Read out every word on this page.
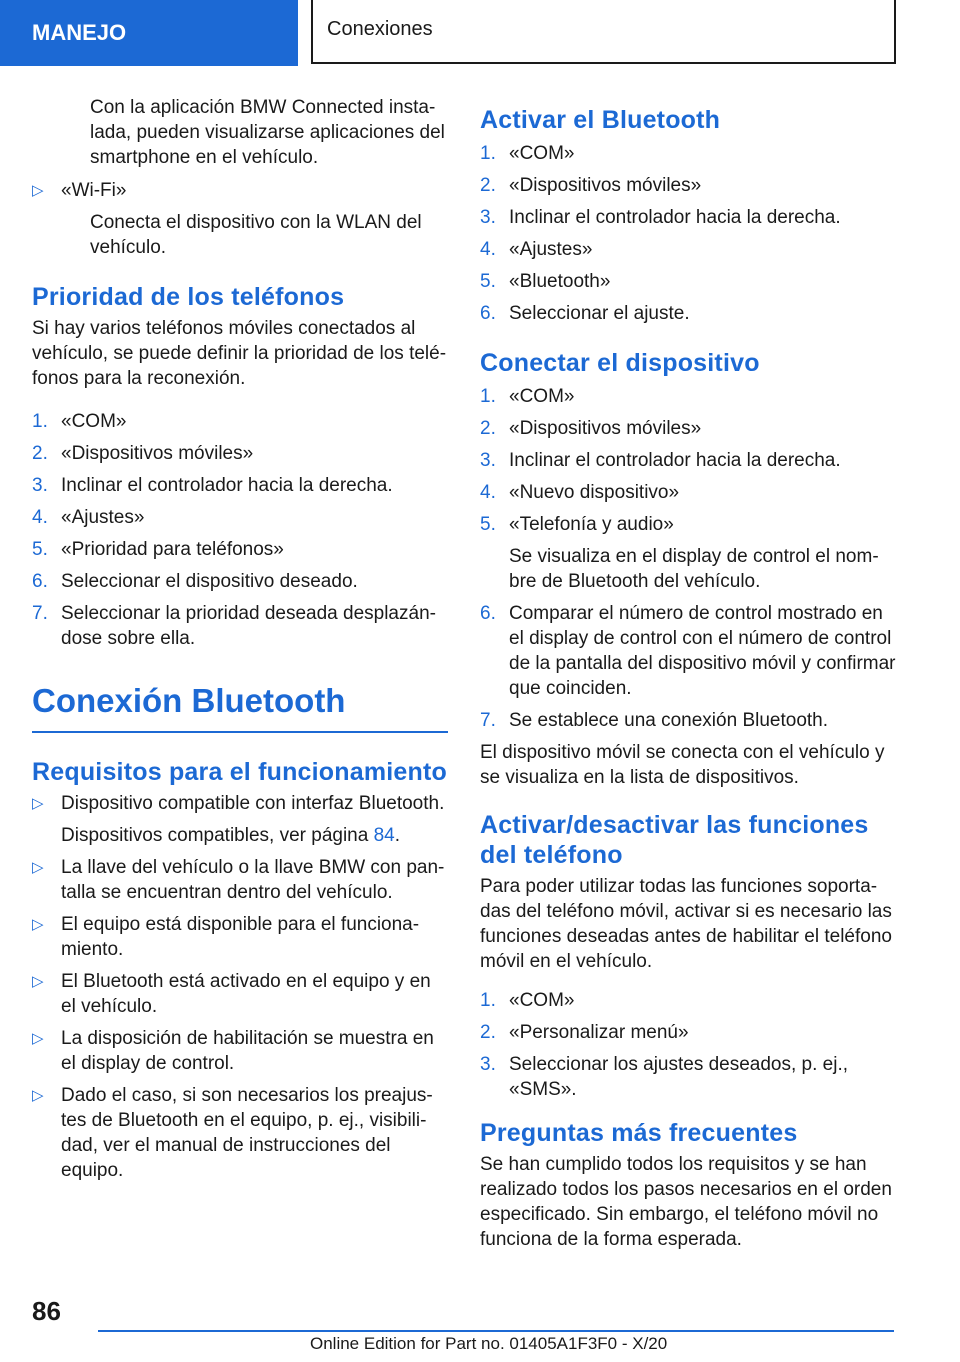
MANEJO	Conexiones

Con la aplicación BMW Connected instalada, pueden visualizarse aplicaciones del smartphone en el vehículo.

▷ «Wi-Fi»
Conecta el dispositivo con la WLAN del vehículo.
Prioridad de los teléfonos

Si hay varios teléfonos móviles conectados al vehículo, se puede definir la prioridad de los teléfonos para la reconexión.

1. «COM»
2. «Dispositivos móviles»
3. Inclinar el controlador hacia la derecha.
4. «Ajustes»
5. «Prioridad para teléfonos»
6. Seleccionar el dispositivo deseado.
7. Seleccionar la prioridad deseada desplazándose sobre ella.
Conexión Bluetooth
Requisitos para el funcionamiento
▷ Dispositivo compatible con interfaz Bluetooth.
Dispositivos compatibles, ver página 84.
▷ La llave del vehículo o la llave BMW con pantalla se encuentran dentro del vehículo.
▷ El equipo está disponible para el funcionamiento.
▷ El Bluetooth está activado en el equipo y en el vehículo.
▷ La disposición de habilitación se muestra en el display de control.
▷ Dado el caso, si son necesarios los preajustes de Bluetooth en el equipo, p. ej., visibilidad, ver el manual de instrucciones del equipo.
Activar el Bluetooth
1. «COM»
2. «Dispositivos móviles»
3. Inclinar el controlador hacia la derecha.
4. «Ajustes»
5. «Bluetooth»
6. Seleccionar el ajuste.
Conectar el dispositivo
1. «COM»
2. «Dispositivos móviles»
3. Inclinar el controlador hacia la derecha.
4. «Nuevo dispositivo»
5. «Telefonía y audio»
Se visualiza en el display de control el nombre de Bluetooth del vehículo.
6. Comparar el número de control mostrado en el display de control con el número de control de la pantalla del dispositivo móvil y confirmar que coinciden.
7. Se establece una conexión Bluetooth.

El dispositivo móvil se conecta con el vehículo y se visualiza en la lista de dispositivos.

Activar/desactivar las funciones del teléfono

Para poder utilizar todas las funciones soportadas del teléfono móvil, activar si es necesario las funciones deseadas antes de habilitar el teléfono móvil en el vehículo.

1. «COM»
2. «Personalizar menú»
3. Seleccionar los ajustes deseados, p. ej., «SMS».
Preguntas más frecuentes

Se han cumplido todos los requisitos y se han realizado todos los pasos necesarios en el orden especificado. Sin embargo, el teléfono móvil no funciona de la forma esperada.

86
Online Edition for Part no. 01405A1F3F0 - X/20
